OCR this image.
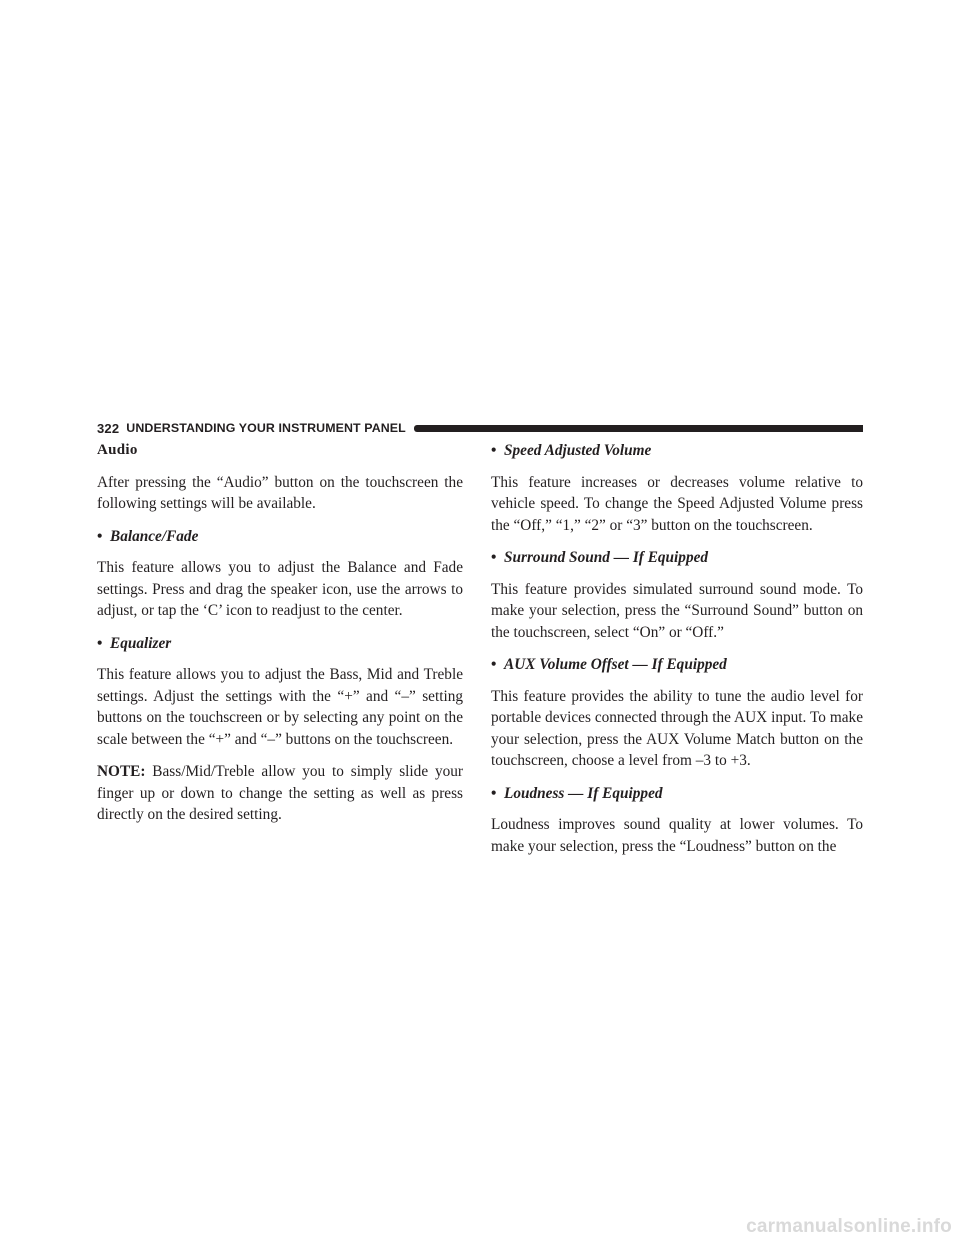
322 UNDERSTANDING YOUR INSTRUMENT PANEL
Audio

After pressing the “Audio” button on the touchscreen the following settings will be available.

• Balance/Fade

This feature allows you to adjust the Balance and Fade settings. Press and drag the speaker icon, use the arrows to adjust, or tap the ‘C’ icon to readjust to the center.

• Equalizer

This feature allows you to adjust the Bass, Mid and Treble settings. Adjust the settings with the “+” and “–” setting buttons on the touchscreen or by selecting any point on the scale between the “+” and “–” buttons on the touchscreen.

NOTE: Bass/Mid/Treble allow you to simply slide your finger up or down to change the setting as well as press directly on the desired setting.

• Speed Adjusted Volume

This feature increases or decreases volume relative to vehicle speed. To change the Speed Adjusted Volume press the “Off,” “1,” “2” or “3” button on the touchscreen.

• Surround Sound — If Equipped

This feature provides simulated surround sound mode. To make your selection, press the “Surround Sound” button on the touchscreen, select “On” or “Off.”

• AUX Volume Offset — If Equipped

This feature provides the ability to tune the audio level for portable devices connected through the AUX input. To make your selection, press the AUX Volume Match button on the touchscreen, choose a level from –3 to +3.

• Loudness — If Equipped

Loudness improves sound quality at lower volumes. To make your selection, press the “Loudness” button on the

carmanualsonline.info
